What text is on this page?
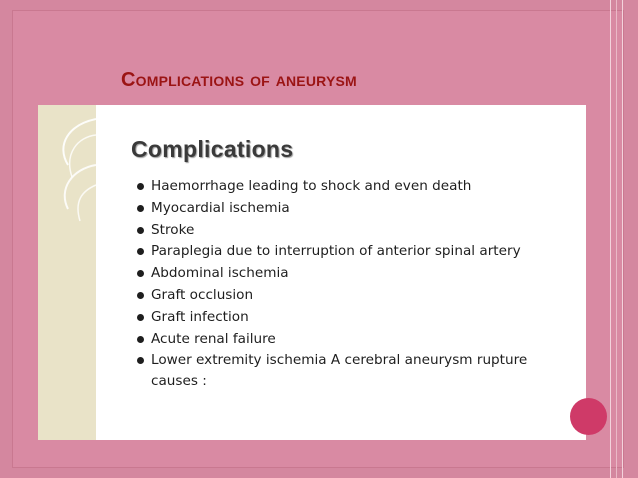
Complications of aneurysm
Complications
Haemorrhage leading to shock and even death
Myocardial ischemia
Stroke
Paraplegia due to interruption of anterior spinal artery
Abdominal ischemia
Graft occlusion
Graft infection
Acute renal failure
Lower extremity ischemia A cerebral aneurysm rupture causes :
